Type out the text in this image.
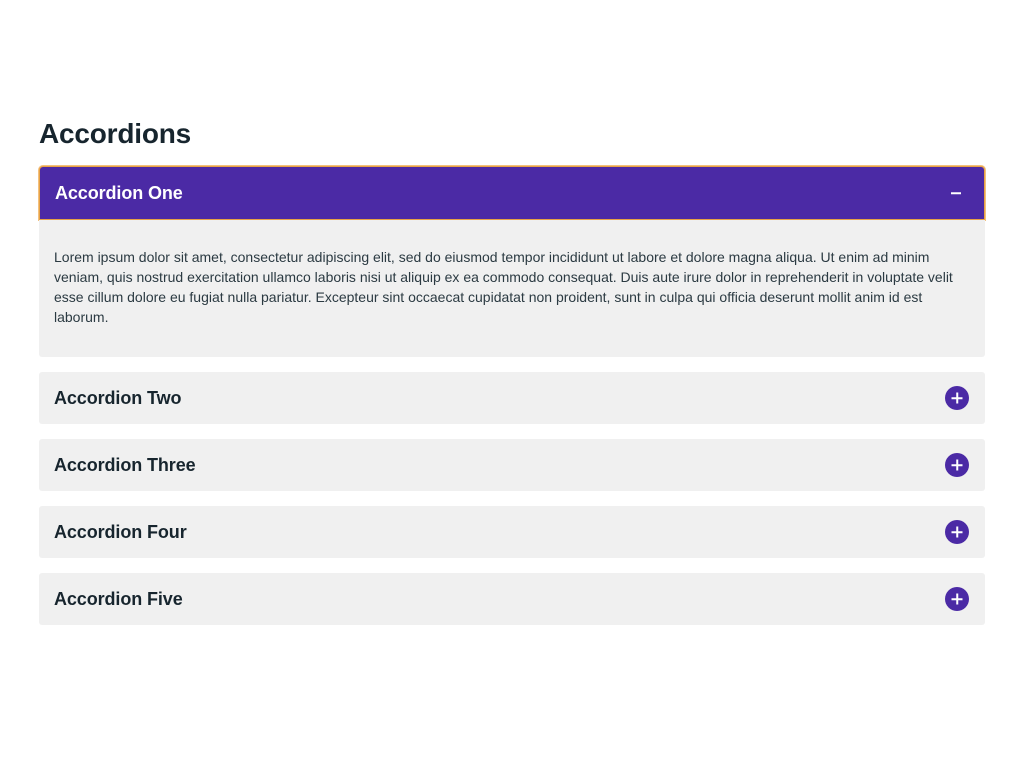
Accordions
Accordion One

Lorem ipsum dolor sit amet, consectetur adipiscing elit, sed do eiusmod tempor incididunt ut labore et dolore magna aliqua. Ut enim ad minim veniam, quis nostrud exercitation ullamco laboris nisi ut aliquip ex ea commodo consequat. Duis aute irure dolor in reprehenderit in voluptate velit esse cillum dolore eu fugiat nulla pariatur. Excepteur sint occaecat cupidatat non proident, sunt in culpa qui officia deserunt mollit anim id est laborum.

Accordion Two
Accordion Three
Accordion Four
Accordion Five
